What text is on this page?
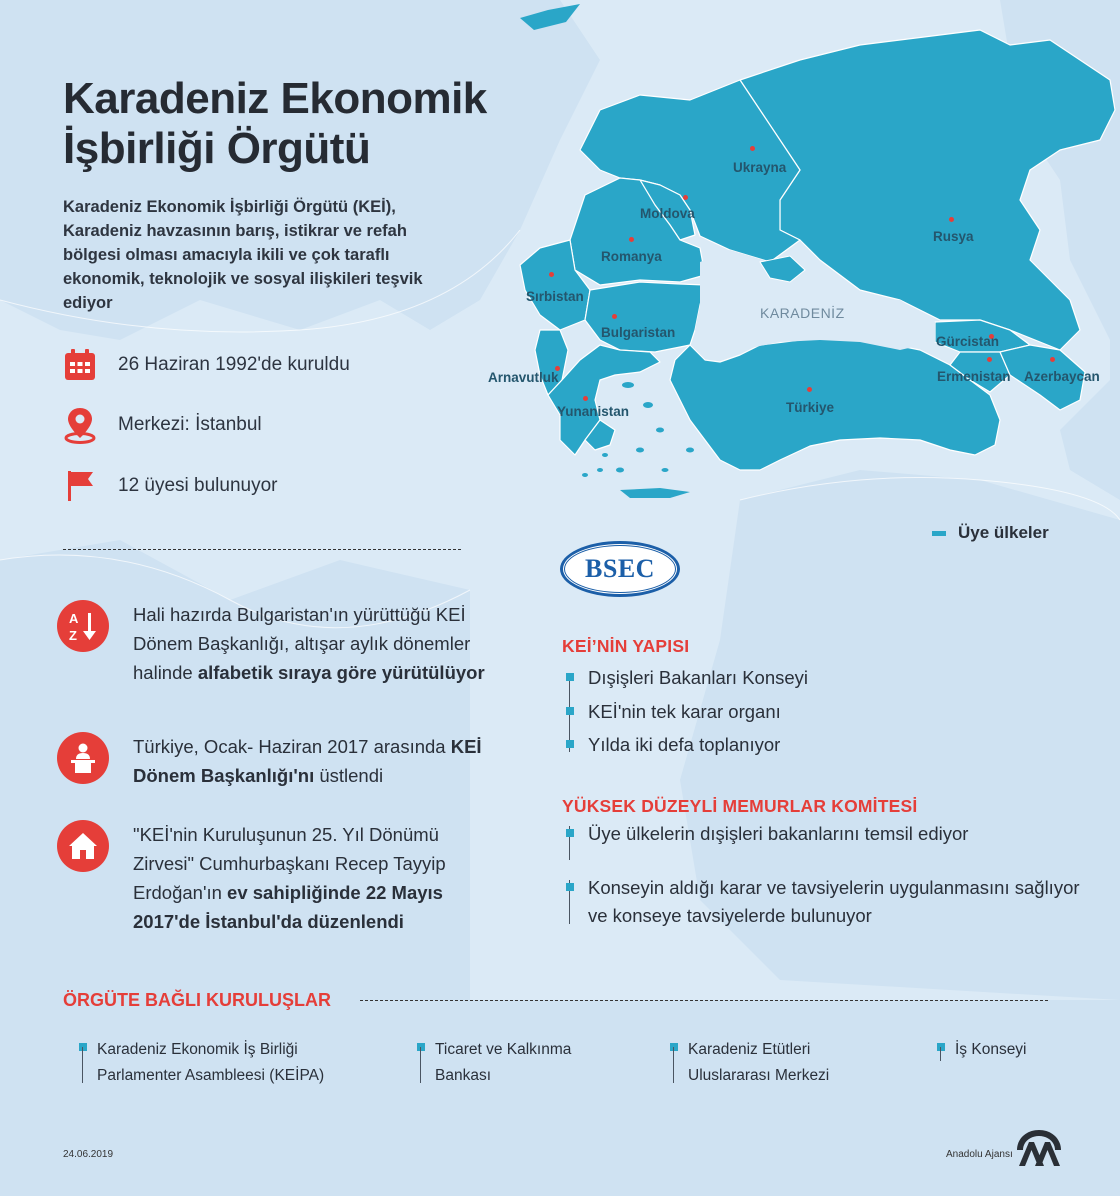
Ukrayna
Moldova
Rusya
Romanya
Sırbistan
Bulgaristan
KARADENİZ
Gürcistan
Arnavutluk	Ermenistan Azerbaycan
Türkiye
Yunanistan
Üye ülkeler
Karadeniz Ekonomik
İşbirliği Örgütü

Karadeniz Ekonomik İşbirliği Örgütü (KEİ), Karadeniz havzasının barış, istikrar ve refah bölgesi olması amacıyla ikili ve çok taraflı ekonomik, teknolojik ve sosyal ilişkileri teşvik ediyor

26 Haziran 1992'de kuruldu
Merkezi: İstanbul
12 üyesi bulunuyor
BSEC
A
Z

Hali hazırda Bulgaristan'ın yürüttüğü KEİ Dönem Başkanlığı, altışar aylık dönemler halinde alfabetik sıraya göre yürütülüyor

Türkiye, Ocak- Haziran 2017 arasında KEİ Dönem Başkanlığı'nı üstlendi

"KEİ'nin Kuruluşunun 25. Yıl Dönümü Zirvesi" Cumhurbaşkanı Recep Tayyip Erdoğan'ın ev sahipliğinde 22 Mayıs 2017'de İstanbul'da düzenlendi

KEİ’NİN YAPISI
Dışişleri Bakanları Konseyi
KEİ'nin tek karar organı
Yılda iki defa toplanıyor
YÜKSEK DÜZEYLİ MEMURLAR KOMİTESİ
Üye ülkelerin dışişleri bakanlarını temsil ediyor
Konseyin aldığı karar ve tavsiyelerin uygulanmasını sağlıyor ve konseye tavsiyelerde bulunuyor
ÖRGÜTE BAĞLI KURULUŞLAR
Karadeniz Ekonomik İş Birliği
Parlamenter Asambleesi (KEİPA)
Ticaret ve Kalkınma
Bankası
Karadeniz Etütleri
Uluslararası Merkezi
İş Konseyi
24.06.2019	Anadolu Ajansı
